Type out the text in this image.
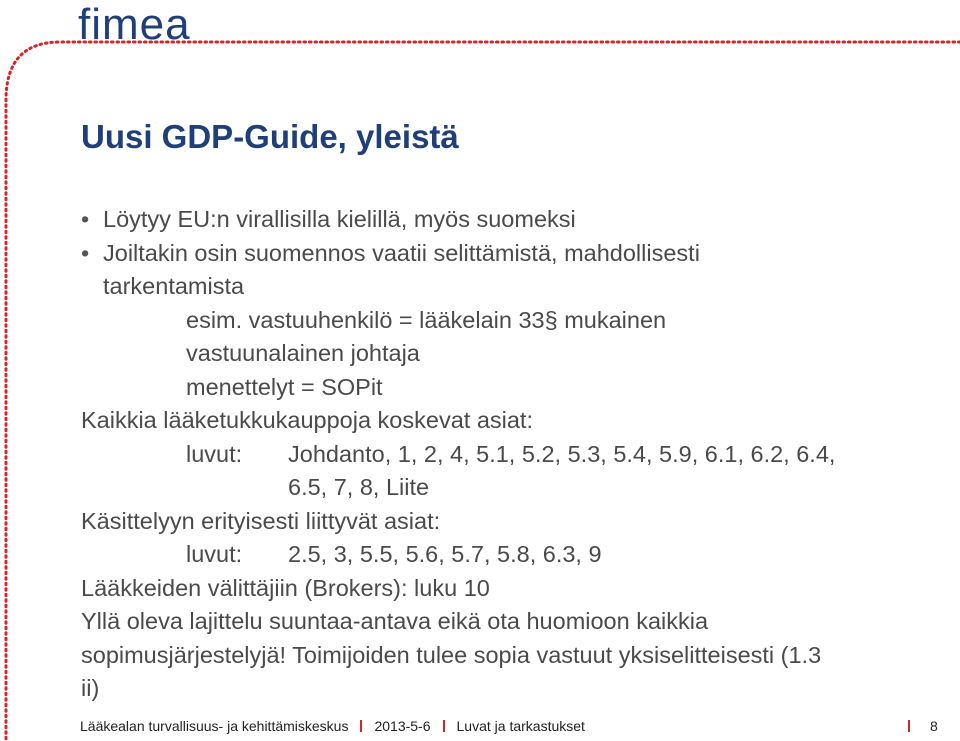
fimea
Uusi GDP-Guide, yleistä
• Löytyy EU:n virallisilla kielillä, myös suomeksi
• Joiltakin osin suomennos vaatii selittämistä, mahdollisesti
tarkentamista
esim. vastuuhenkilö = lääkelain 33§ mukainen
vastuunalainen johtaja
menettelyt = SOPit
Kaikkia lääketukkukauppoja koskevat asiat:
luvut:	Johdanto, 1, 2, 4, 5.1, 5.2, 5.3, 5.4, 5.9, 6.1, 6.2, 6.4,
6.5, 7, 8, Liite
Käsittelyyn erityisesti liittyvät asiat:
luvut:	2.5, 3, 5.5, 5.6, 5.7, 5.8, 6.3, 9
Lääkkeiden välittäjiin (Brokers): luku 10
Yllä oleva lajittelu suuntaa-antava eikä ota huomioon kaikkia
sopimusjärjestelyjä! Toimijoiden tulee sopia vastuut yksiselitteisesti (1.3
ii)
Lääkealan turvallisuus- ja kehittämiskeskus 2013-5-6 Luvat ja tarkastukset	8
